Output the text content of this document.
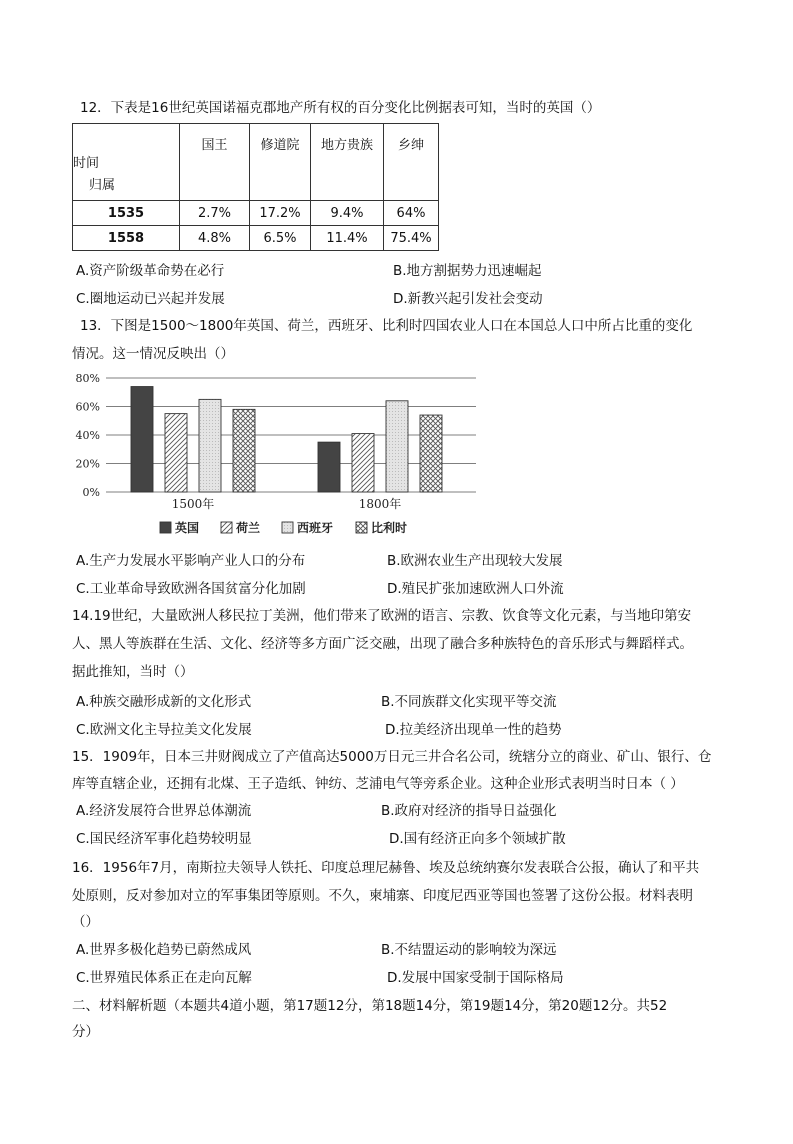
12．下表是16世纪英国诺福克郡地产所有权的百分变化比例据表可知，当时的英国（）
时间
归属	国王	修道院	地方贵族	乡绅
1535	2.7%	17.2%	9.4%	64%
1558	4.8%	6.5%	11.4%	75.4%
A.资产阶级革命势在必行	B.地方割据势力迅速崛起
C.圈地运动已兴起并发展	D.新教兴起引发社会变动
13．下图是1500～1800年英国、荷兰，西班牙、比利时四国农业人口在本国总人口中所占比重的变化
情况。这一情况反映出（）
0%
20%
40%
60%
80%
1500年	1800年
英国	荷兰	西班牙	比利时
A.生产力发展水平影响产业人口的分布	B.欧洲农业生产出现较大发展
C.工业革命导致欧洲各国贫富分化加剧	D.殖民扩张加速欧洲人口外流
14.19世纪，大量欧洲人移民拉丁美洲，他们带来了欧洲的语言、宗教、饮食等文化元素，与当地印第安
人、黑人等族群在生活、文化、经济等多方面广泛交融，出现了融合多种族特色的音乐形式与舞蹈样式。
据此推知，当时（）
A.种族交融形成新的文化形式	B.不同族群文化实现平等交流
C.欧洲文化主导拉美文化发展	D.拉美经济出现单一性的趋势
15．1909年，日本三井财阀成立了产值高达5000万日元三井合名公司，统辖分立的商业、矿山、银行、仓
库等直辖企业，还拥有北煤、王子造纸、钟纺、芝浦电气等旁系企业。这种企业形式表明当时日本（ ）
A.经济发展符合世界总体潮流	B.政府对经济的指导日益强化
C.国民经济军事化趋势较明显	D.国有经济正向多个领域扩散
16．1956年7月，南斯拉夫领导人铁托、印度总理尼赫鲁、埃及总统纳赛尔发表联合公报，确认了和平共
处原则，反对参加对立的军事集团等原则。不久，柬埔寨、印度尼西亚等国也签署了这份公报。材料表明
（）
A.世界多极化趋势已蔚然成风	B.不结盟运动的影响较为深远
C.世界殖民体系正在走向瓦解	D.发展中国家受制于国际格局
二、材料解析题（本题共4道小题，第17题12分，第18题14分，第19题14分，第20题12分。共52
分）
